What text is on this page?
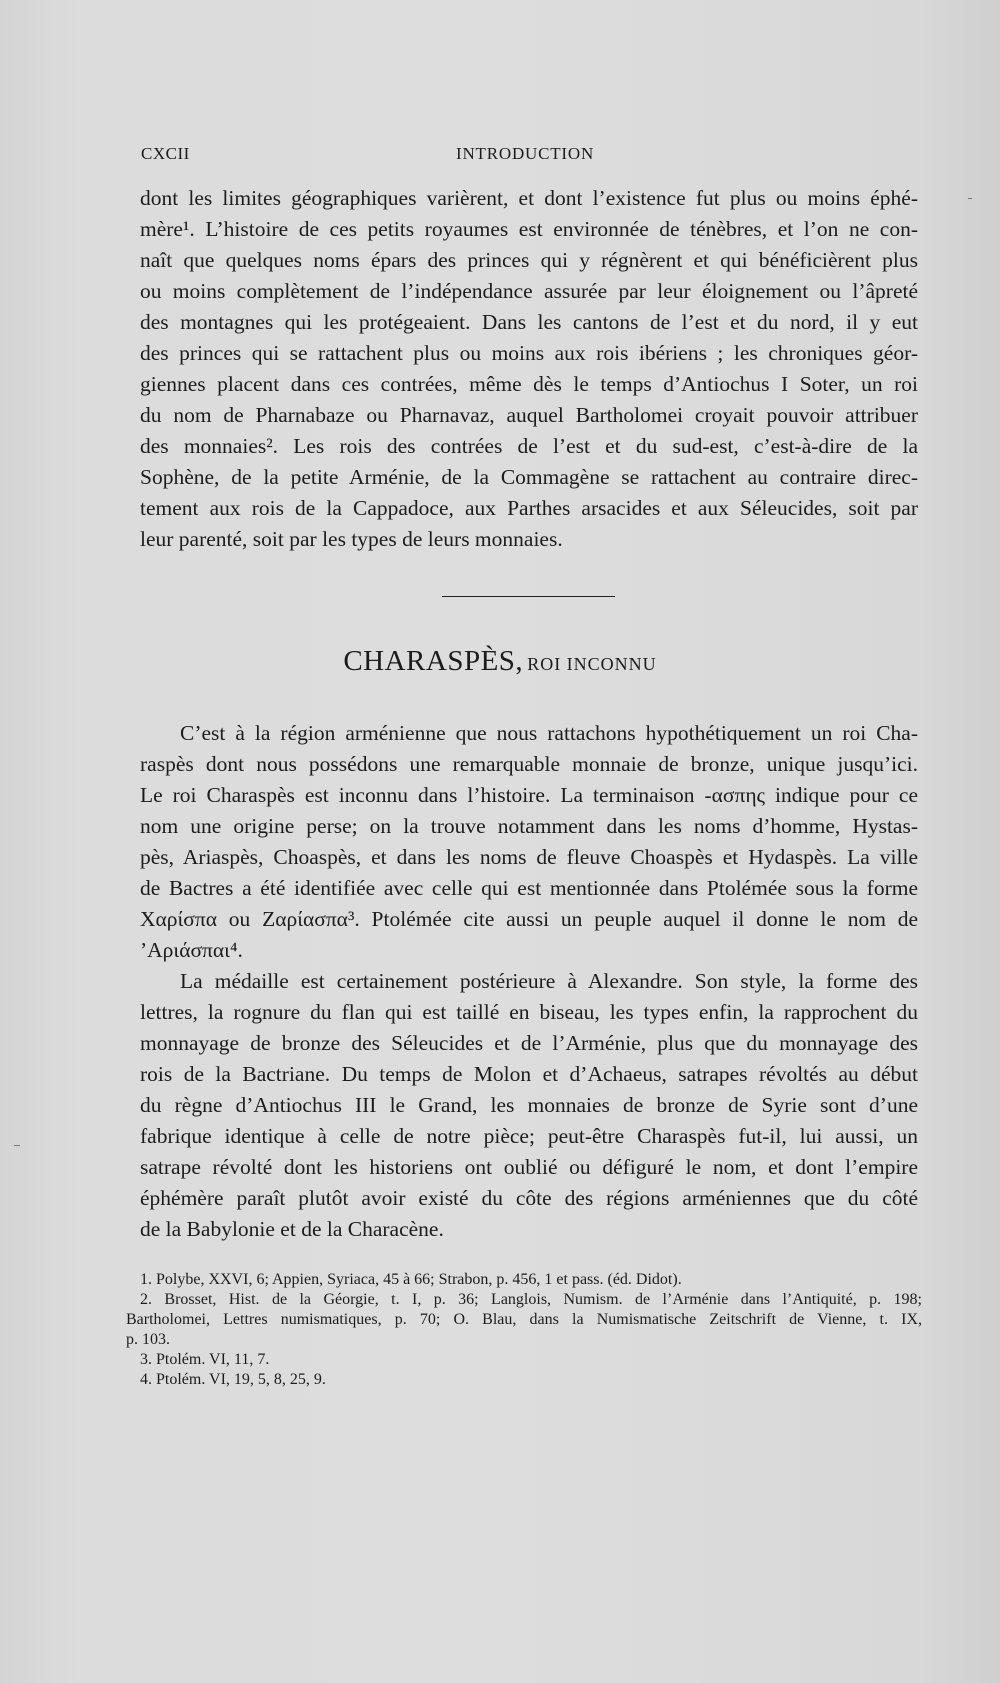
CXCII	INTRODUCTION
dont les limites géographiques varièrent, et dont l’existence fut plus ou moins éphé-
mère¹. L’histoire de ces petits royaumes est environnée de ténèbres, et l’on ne con-
naît que quelques noms épars des princes qui y régnèrent et qui bénéficièrent plus
ou moins complètement de l’indépendance assurée par leur éloignement ou l’âpreté
des montagnes qui les protégeaient. Dans les cantons de l’est et du nord, il y eut
des princes qui se rattachent plus ou moins aux rois ibériens ; les chroniques géor-
giennes placent dans ces contrées, même dès le temps d’Antiochus I Soter, un roi
du nom de Pharnabaze ou Pharnavaz, auquel Bartholomei croyait pouvoir attribuer
des monnaies². Les rois des contrées de l’est et du sud-est, c’est-à-dire de la
Sophène, de la petite Arménie, de la Commagène se rattachent au contraire direc-
tement aux rois de la Cappadoce, aux Parthes arsacides et aux Séleucides, soit par
leur parenté, soit par les types de leurs monnaies.
CHARASPÈS, ROI INCONNU
C’est à la région arménienne que nous rattachons hypothétiquement un roi Cha-
raspès dont nous possédons une remarquable monnaie de bronze, unique jusqu’ici.
Le roi Charaspès est inconnu dans l’histoire. La terminaison -ασπης indique pour ce
nom une origine perse; on la trouve notamment dans les noms d’homme, Hystas-
pès, Ariaspès, Choaspès, et dans les noms de fleuve Choaspès et Hydaspès. La ville
de Bactres a été identifiée avec celle qui est mentionnée dans Ptolémée sous la forme
Χαρίσπα ou Ζαρίασπα³. Ptolémée cite aussi un peuple auquel il donne le nom de
’Αριάσπαι⁴.
La médaille est certainement postérieure à Alexandre. Son style, la forme des
lettres, la rognure du flan qui est taillé en biseau, les types enfin, la rapprochent du
monnayage de bronze des Séleucides et de l’Arménie, plus que du monnayage des
rois de la Bactriane. Du temps de Molon et d’Achaeus, satrapes révoltés au début
du règne d’Antiochus III le Grand, les monnaies de bronze de Syrie sont d’une
fabrique identique à celle de notre pièce; peut-être Charaspès fut-il, lui aussi, un
satrape révolté dont les historiens ont oublié ou défiguré le nom, et dont l’empire
éphémère paraît plutôt avoir existé du côte des régions arméniennes que du côté
de la Babylonie et de la Characène.
1. Polybe, XXVI, 6; Appien, Syriaca, 45 à 66; Strabon, p. 456, 1 et pass. (éd. Didot).
2. Brosset, Hist. de la Géorgie, t. I, p. 36; Langlois, Numism. de l’Arménie dans l’Antiquité, p. 198;
Bartholomei, Lettres numismatiques, p. 70; O. Blau, dans la Numismatische Zeitschrift de Vienne, t. IX,
p. 103.
3. Ptolém. VI, 11, 7.
4. Ptolém. VI, 19, 5, 8, 25, 9.
